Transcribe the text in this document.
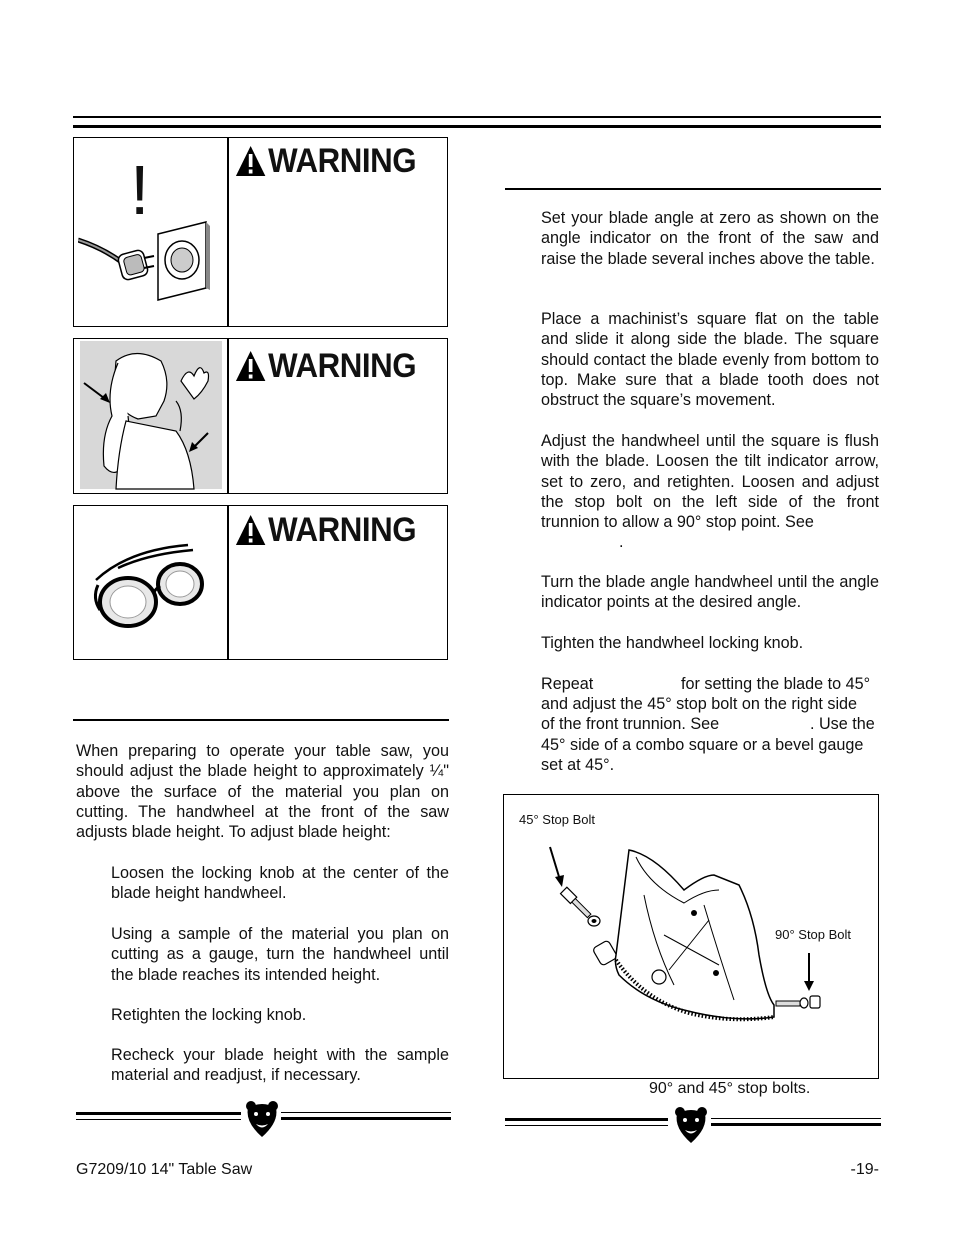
!	WARNING
WARNING
WARNING
When preparing to operate your table saw, you should adjust the blade height to approximately ¼" above the surface of the material you plan on cutting. The handwheel at the front of the saw adjusts blade height. To adjust blade height:
Loosen the locking knob at the center of the blade height handwheel.
Using a sample of the material you plan on cutting as a gauge, turn the handwheel until the blade reaches its intended height.
Retighten the locking knob.
Recheck your blade height with the sample material and readjust, if necessary.
Set your blade angle at zero as shown on the angle indicator on the front of the saw and raise the blade several inches above the table.
Place a machinist’s square flat on the table and slide it along side the blade. The square should contact the blade evenly from bottom to top. Make sure that a blade tooth does not obstruct the square’s movement.
Adjust the handwheel until the square is flush with the blade. Loosen the tilt indicator arrow, set to zero, and retighten. Loosen and adjust the stop bolt on the left side of the front trunnion to allow a 90° stop point. See
.
Turn the blade angle handwheel until the angle indicator points at the desired angle.
Tighten the handwheel locking knob.
Repeat	for setting the blade to 45°
and adjust the 45° stop bolt on the right side
of the front trunnion. See	. Use the
45° side of a combo square or a bevel gauge set at 45°.
45° Stop Bolt
90° Stop Bolt
90° and 45° stop bolts.
G7209/10 14" Table Saw	-19-
